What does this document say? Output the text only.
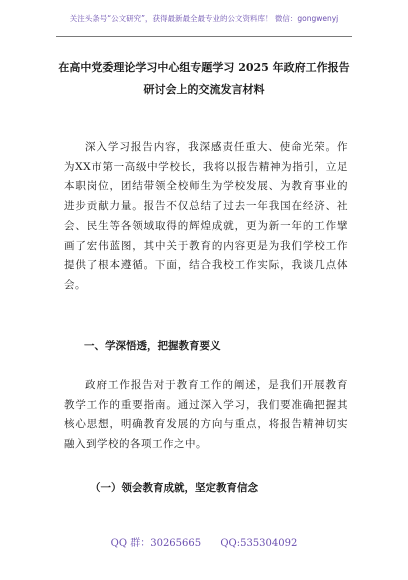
关注头条号“公文研究”，获得最新最全最专业的公文资料库！ 微信：gongwenyj
在高中党委理论学习中心组专题学习 2025 年政府工作报告
研讨会上的交流发言材料
深入学习报告内容，我深感责任重大、使命光荣。作为XX市第一高级中学校长，我将以报告精神为指引，立足本职岗位，团结带领全校师生为学校发展、为教育事业的进步贡献力量。报告不仅总结了过去一年我国在经济、社会、民生等各领域取得的辉煌成就，更为新一年的工作擘画了宏伟蓝图，其中关于教育的内容更是为我们学校工作提供了根本遵循。下面，结合我校工作实际，我谈几点体会。
一、学深悟透，把握教育要义
政府工作报告对于教育工作的阐述，是我们开展教育教学工作的重要指南。通过深入学习，我们要准确把握其核心思想，明确教育发展的方向与重点，将报告精神切实融入到学校的各项工作之中。
（一）领会教育成就，坚定教育信念
QQ 群：30265665 QQ:535304092
